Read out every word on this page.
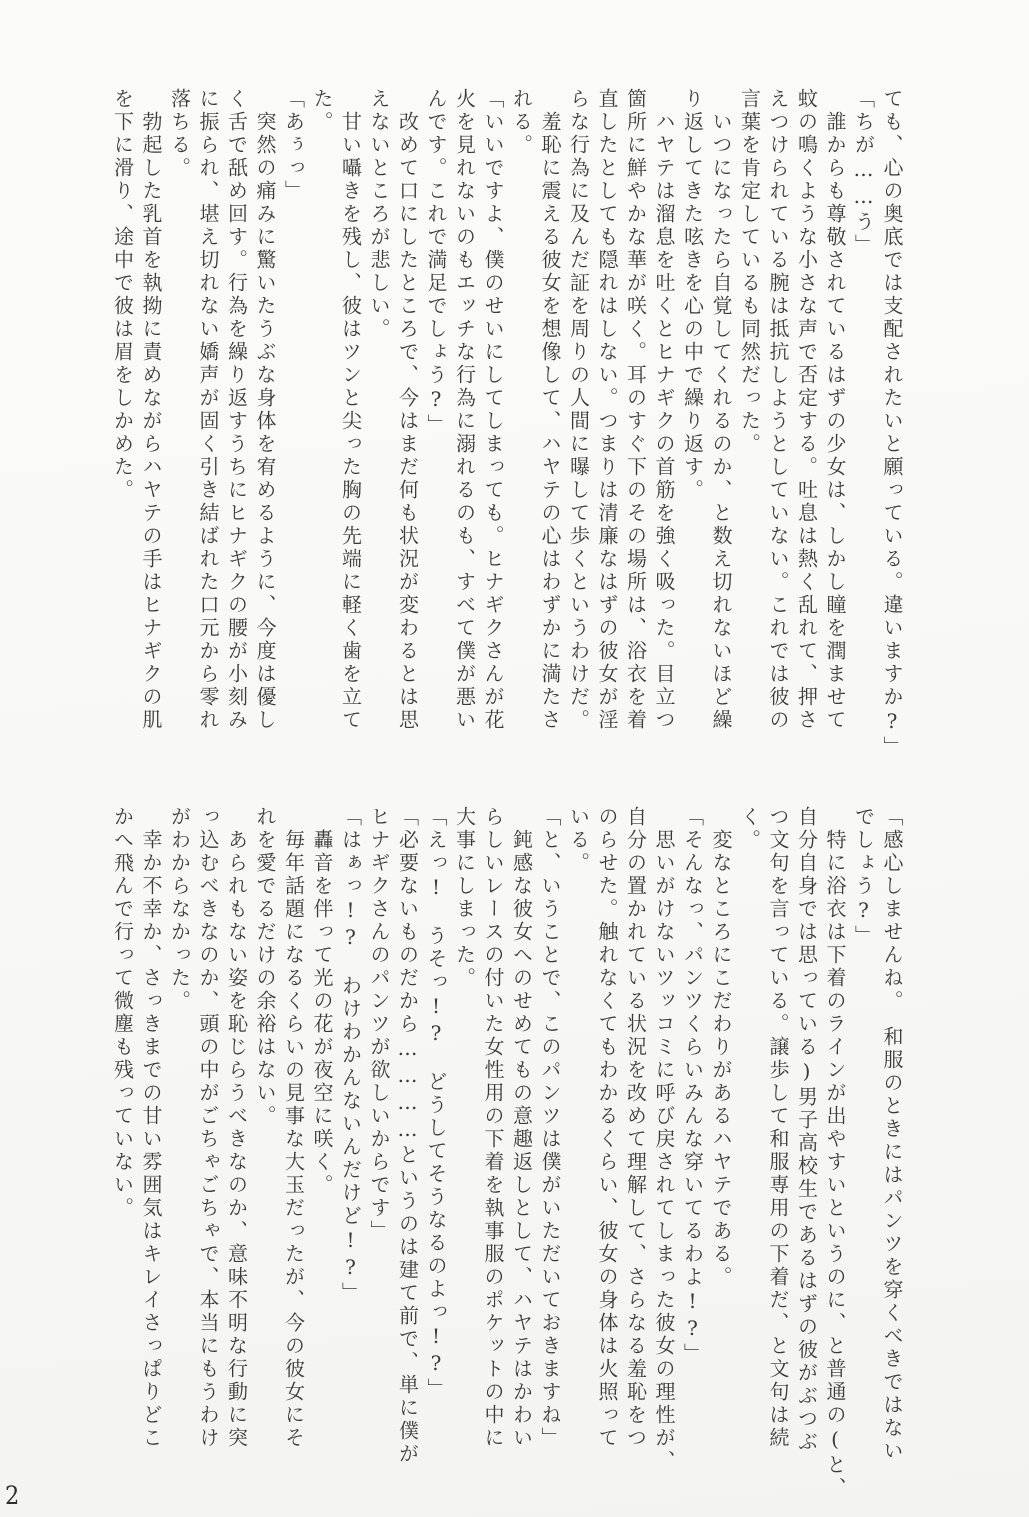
ても、心の奥底では支配されたいと願っている。違いますか?」
「ちが……う」
　誰からも尊敬されているはずの少女は、しかし瞳を潤ませて
蚊の鳴くような小さな声で否定する。吐息は熱く乱れて、押さ
えつけられている腕は抵抗しようとしていない。これでは彼の
言葉を肯定しているも同然だった。
　いつになったら自覚してくれるのか、と数え切れないほど繰
り返してきた呟きを心の中で繰り返す。
　ハヤテは溜息を吐くとヒナギクの首筋を強く吸った。目立つ
箇所に鮮やかな華が咲く。耳のすぐ下のその場所は、浴衣を着
直したとしても隠れはしない。つまりは清廉なはずの彼女が淫
らな行為に及んだ証を周りの人間に曝して歩くというわけだ。
　羞恥に震える彼女を想像して、ハヤテの心はわずかに満たさ
れる。
「いいですよ、僕のせいにしてしまっても。ヒナギクさんが花
火を見れないのもエッチな行為に溺れるのも、すべて僕が悪い
んです。これで満足でしょう?」
　改めて口にしたところで、今はまだ何も状況が変わるとは思
えないところが悲しい。
　甘い囁きを残し、彼はツンと尖った胸の先端に軽く歯を立て
た。
「あぅっ」
　突然の痛みに驚いたうぶな身体を宥めるように、今度は優し
く舌で舐め回す。行為を繰り返すうちにヒナギクの腰が小刻み
に振られ、堪え切れない嬌声が固く引き結ばれた口元から零れ
落ちる。
　勃起した乳首を執拗に責めながらハヤテの手はヒナギクの肌
を下に滑り、途中で彼は眉をしかめた。
「感心しませんね。　和服のときにはパンツを穿くべきではない
でしょう?」
　特に浴衣は下着のラインが出やすいというのに、と普通の(と、
自分自身では思っている)男子高校生であるはずの彼がぶつぶ
つ文句を言っている。譲歩して和服専用の下着だ、と文句は続
く。
　変なところにこだわりがあるハヤテである。
「そんなっ、パンツくらいみんな穿いてるわよ!?」
　思いがけないツッコミに呼び戻されてしまった彼女の理性が、
自分の置かれている状況を改めて理解して、さらなる羞恥をつ
のらせた。触れなくてもわかるくらい、彼女の身体は火照って
いる。
「と、いうことで、このパンツは僕がいただいておきますね」
　鈍感な彼女へのせめてもの意趣返しとして、ハヤテはかわい
らしいレースの付いた女性用の下着を執事服のポケットの中に
大事にしまった。
「えっ!　うそっ!?　どうしてそうなるのよっ!?」
「必要ないものだから…………というのは建て前で、単に僕が
ヒナギクさんのパンツが欲しいからです」
「はぁっ!?　わけわかんないんだけど!?」
　轟音を伴って光の花が夜空に咲く。
　毎年話題になるくらいの見事な大玉だったが、今の彼女にそ
れを愛でるだけの余裕はない。
　あられもない姿を恥じらうべきなのか、意味不明な行動に突
っ込むべきなのか、頭の中がごちゃごちゃで、本当にもうわけ
がわからなかった。
　幸か不幸か、さっきまでの甘い雰囲気はキレイさっぱりどこ
かへ飛んで行って微塵も残っていない。
2
